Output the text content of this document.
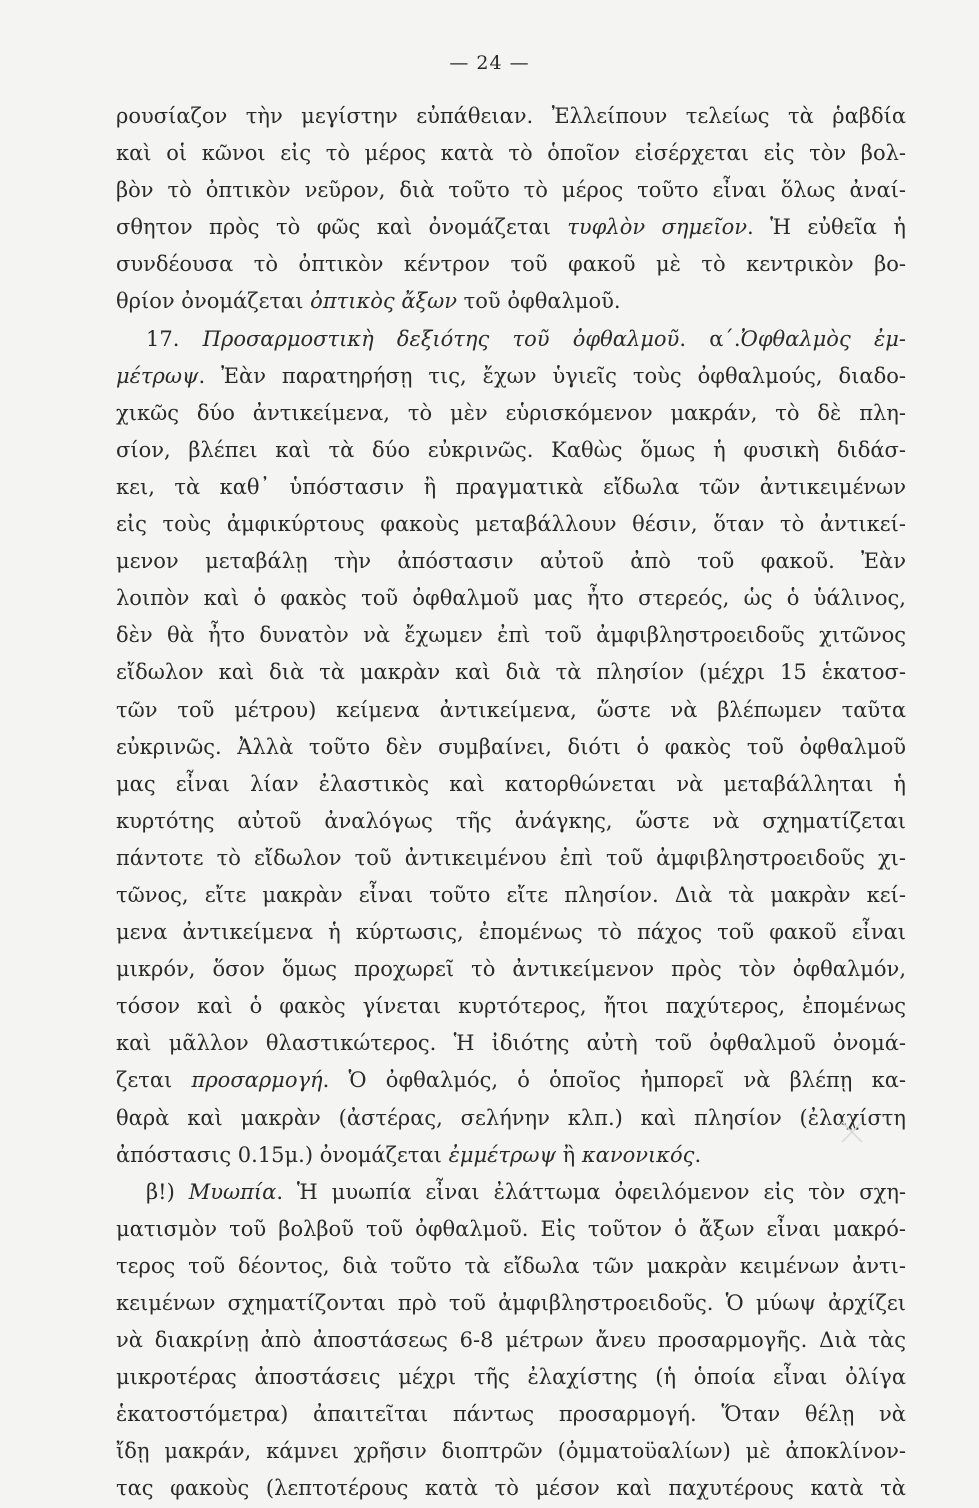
— 24 —
ρουσίαζον τὴν μεγίστην εὐπάθειαν. Ἐλλείπουν τελείως τὰ ῥαβδία
καὶ οἱ κῶνοι εἰς τὸ μέρος κατὰ τὸ ὁποῖον εἰσέρχεται εἰς τὸν βολ-
βὸν τὸ ὀπτικὸν νεῦρον, διὰ τοῦτο τὸ μέρος τοῦτο εἶναι ὅλως ἀναί-
σθητον πρὸς τὸ φῶς καὶ ὀνομάζεται τυφλὸν σημεῖον. Ἡ εὐθεῖα ἡ
συνδέουσα τὸ ὀπτικὸν κέντρον τοῦ φακοῦ μὲ τὸ κεντρικὸν βο-
θρίον ὀνομάζεται ὀπτικὸς ἄξων τοῦ ὀφθαλμοῦ.
17. Προσαρμοστικὴ δεξιότης τοῦ ὀφθαλμοῦ. α΄.Ὀφθαλμὸς ἐμ-
μέτρωψ. Ἐὰν παρατηρήσῃ τις, ἔχων ὑγιεῖς τοὺς ὀφθαλμούς, διαδο-
χικῶς δύο ἀντικείμενα, τὸ μὲν εὑρισκόμενον μακράν, τὸ δὲ πλη-
σίον, βλέπει καὶ τὰ δύο εὐκρινῶς. Καθὼς ὅμως ἡ φυσικὴ διδάσ-
κει, τὰ καθ᾽ ὑπόστασιν ἢ πραγματικὰ εἴδωλα τῶν ἀντικειμένων
εἰς τοὺς ἀμφικύρτους φακοὺς μεταβάλλουν θέσιν, ὅταν τὸ ἀντικεί-
μενον μεταβάλῃ τὴν ἀπόστασιν αὐτοῦ ἀπὸ τοῦ φακοῦ. Ἐὰν
λοιπὸν καὶ ὁ φακὸς τοῦ ὀφθαλμοῦ μας ἦτο στερεός, ὡς ὁ ὑάλινος,
δὲν θὰ ἦτο δυνατὸν νὰ ἔχωμεν ἐπὶ τοῦ ἀμφιβληστροειδοῦς χιτῶνος
εἴδωλον καὶ διὰ τὰ μακρὰν καὶ διὰ τὰ πλησίον (μέχρι 15 ἑκατοσ-
τῶν τοῦ μέτρου) κείμενα ἀντικείμενα, ὥστε νὰ βλέπωμεν ταῦτα
εὐκρινῶς. Ἀλλὰ τοῦτο δὲν συμβαίνει, διότι ὁ φακὸς τοῦ ὀφθαλμοῦ
μας εἶναι λίαν ἐλαστικὸς καὶ κατορθώνεται νὰ μεταβάλληται ἡ
κυρτότης αὐτοῦ ἀναλόγως τῆς ἀνάγκης, ὥστε νὰ σχηματίζεται
πάντοτε τὸ εἴδωλον τοῦ ἀντικειμένου ἐπὶ τοῦ ἀμφιβληστροειδοῦς χι-
τῶνος, εἴτε μακρὰν εἶναι τοῦτο εἴτε πλησίον. Διὰ τὰ μακρὰν κεί-
μενα ἀντικείμενα ἡ κύρτωσις, ἐπομένως τὸ πάχος τοῦ φακοῦ εἶναι
μικρόν, ὅσον ὅμως προχωρεῖ τὸ ἀντικείμενον πρὸς τὸν ὀφθαλμόν,
τόσον καὶ ὁ φακὸς γίνεται κυρτότερος, ἤτοι παχύτερος, ἐπομένως
καὶ μᾶλλον θλαστικώτερος. Ἡ ἰδιότης αὐτὴ τοῦ ὀφθαλμοῦ ὀνομά-
ζεται προσαρμογή. Ὁ ὀφθαλμός, ὁ ὁποῖος ἠμπορεῖ νὰ βλέπῃ κα-
θαρὰ καὶ μακρὰν (ἀστέρας, σελήνην κλπ.) καὶ πλησίον (ἐλαχίστη
ἀπόστασις 0.15μ.) ὀνομάζεται ἐμμέτρωψ ἢ κανονικός.
β!) Μυωπία. Ἡ μυωπία εἶναι ἐλάττωμα ὀφειλόμενον εἰς τὸν σχη-
ματισμὸν τοῦ βολβοῦ τοῦ ὀφθαλμοῦ. Εἰς τοῦτον ὁ ἄξων εἶναι μακρό-
τερος τοῦ δέοντος, διὰ τοῦτο τὰ εἴδωλα τῶν μακρὰν κειμένων ἀντι-
κειμένων σχηματίζονται πρὸ τοῦ ἀμφιβληστροειδοῦς. Ὁ μύωψ ἀρχίζει
νὰ διακρίνῃ ἀπὸ ἀποστάσεως 6-8 μέτρων ἄνευ προσαρμογῆς. Διὰ τὰς
μικροτέρας ἀποστάσεις μέχρι τῆς ἐλαχίστης (ἡ ὁποία εἶναι ὀλίγα
ἑκατοστόμετρα) ἀπαιτεῖται πάντως προσαρμογή. Ὅταν θέλῃ νὰ
ἴδῃ μακράν, κάμνει χρῆσιν διοπτρῶν (ὀμματοϋαλίων) μὲ ἀποκλίνον-
τας φακοὺς (λεπτοτέρους κατὰ τὸ μέσον καὶ παχυτέρους κατὰ τὰ
